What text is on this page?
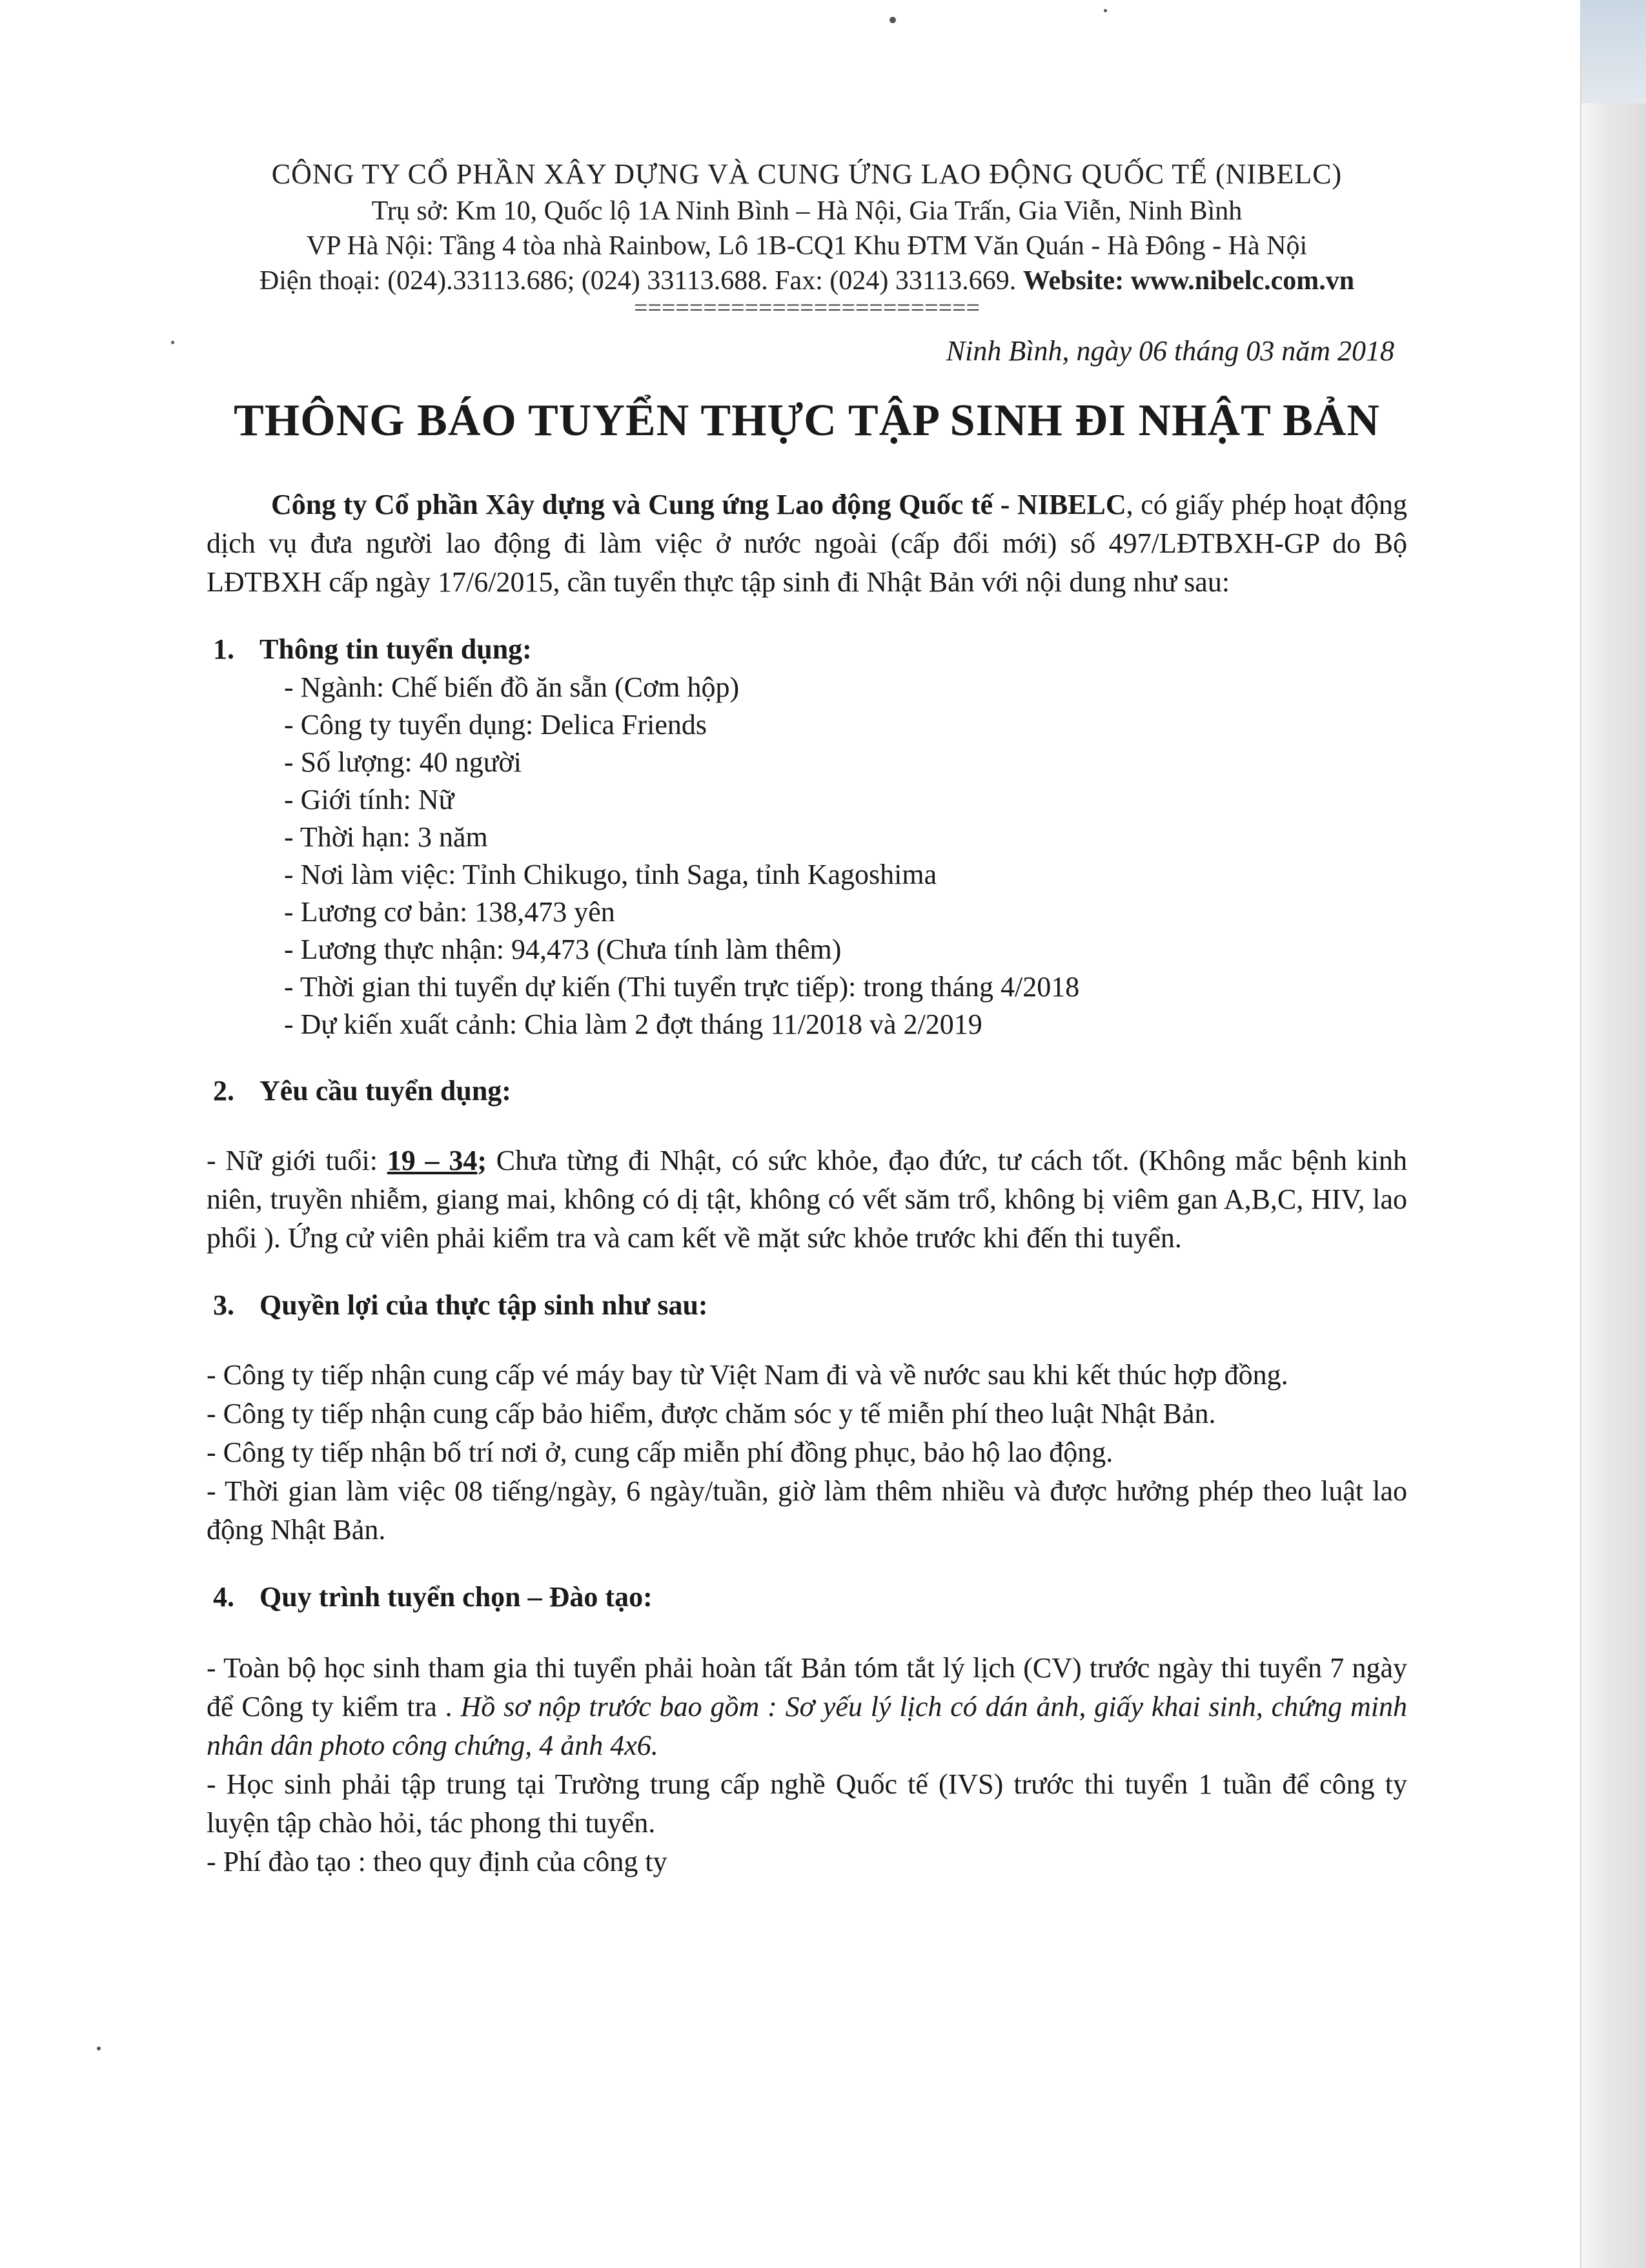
CÔNG TY CỔ PHẦN XÂY DỰNG VÀ CUNG ỨNG LAO ĐỘNG QUỐC TẾ (NIBELC)
Trụ sở: Km 10, Quốc lộ 1A Ninh Bình – Hà Nội, Gia Trấn, Gia Viễn, Ninh Bình
VP Hà Nội: Tầng 4 tòa nhà Rainbow, Lô 1B-CQ1 Khu ĐTM Văn Quán - Hà Đông - Hà Nội
Điện thoại: (024).33113.686; (024) 33113.688. Fax: (024) 33113.669. Website: www.nibelc.com.vn
=========================
Ninh Bình, ngày 06 tháng 03 năm 2018
THÔNG BÁO TUYỂN THỰC TẬP SINH ĐI NHẬT BẢN

Công ty Cổ phần Xây dựng và Cung ứng Lao động Quốc tế - NIBELC, có giấy phép hoạt động dịch vụ đưa người lao động đi làm việc ở nước ngoài (cấp đổi mới) số 497/LĐTBXH-GP do Bộ LĐTBXH cấp ngày 17/6/2015, cần tuyển thực tập sinh đi Nhật Bản với nội dung như sau:

1. Thông tin tuyển dụng:
- Ngành: Chế biến đồ ăn sẵn (Cơm hộp)
- Công ty tuyển dụng: Delica Friends
- Số lượng: 40 người
- Giới tính: Nữ
- Thời hạn: 3 năm
- Nơi làm việc: Tỉnh Chikugo, tỉnh Saga, tỉnh Kagoshima
- Lương cơ bản: 138,473 yên
- Lương thực nhận: 94,473 (Chưa tính làm thêm)
- Thời gian thi tuyển dự kiến (Thi tuyển trực tiếp): trong tháng 4/2018
- Dự kiến xuất cảnh: Chia làm 2 đợt tháng 11/2018 và 2/2019
2. Yêu cầu tuyển dụng:

- Nữ giới tuổi: 19 – 34; Chưa từng đi Nhật, có sức khỏe, đạo đức, tư cách tốt. (Không mắc bệnh kinh niên, truyền nhiễm, giang mai, không có dị tật, không có vết săm trổ, không bị viêm gan A,B,C, HIV, lao phổi ). Ứng cử viên phải kiểm tra và cam kết về mặt sức khỏe trước khi đến thi tuyển.

3. Quyền lợi của thực tập sinh như sau:

- Công ty tiếp nhận cung cấp vé máy bay từ Việt Nam đi và về nước sau khi kết thúc hợp đồng.

- Công ty tiếp nhận cung cấp bảo hiểm, được chăm sóc y tế miễn phí theo luật Nhật Bản.

- Công ty tiếp nhận bố trí nơi ở, cung cấp miễn phí đồng phục, bảo hộ lao động.

- Thời gian làm việc 08 tiếng/ngày, 6 ngày/tuần, giờ làm thêm nhiều và được hưởng phép theo luật lao động Nhật Bản.

4. Quy trình tuyển chọn – Đào tạo:

- Toàn bộ học sinh tham gia thi tuyển phải hoàn tất Bản tóm tắt lý lịch (CV) trước ngày thi tuyển 7 ngày để Công ty kiểm tra . Hồ sơ nộp trước bao gồm : Sơ yếu lý lịch có dán ảnh, giấy khai sinh, chứng minh nhân dân photo công chứng, 4 ảnh 4x6.

- Học sinh phải tập trung tại Trường trung cấp nghề Quốc tế (IVS) trước thi tuyển 1 tuần để công ty luyện tập chào hỏi, tác phong thi tuyển.

- Phí đào tạo : theo quy định của công ty
